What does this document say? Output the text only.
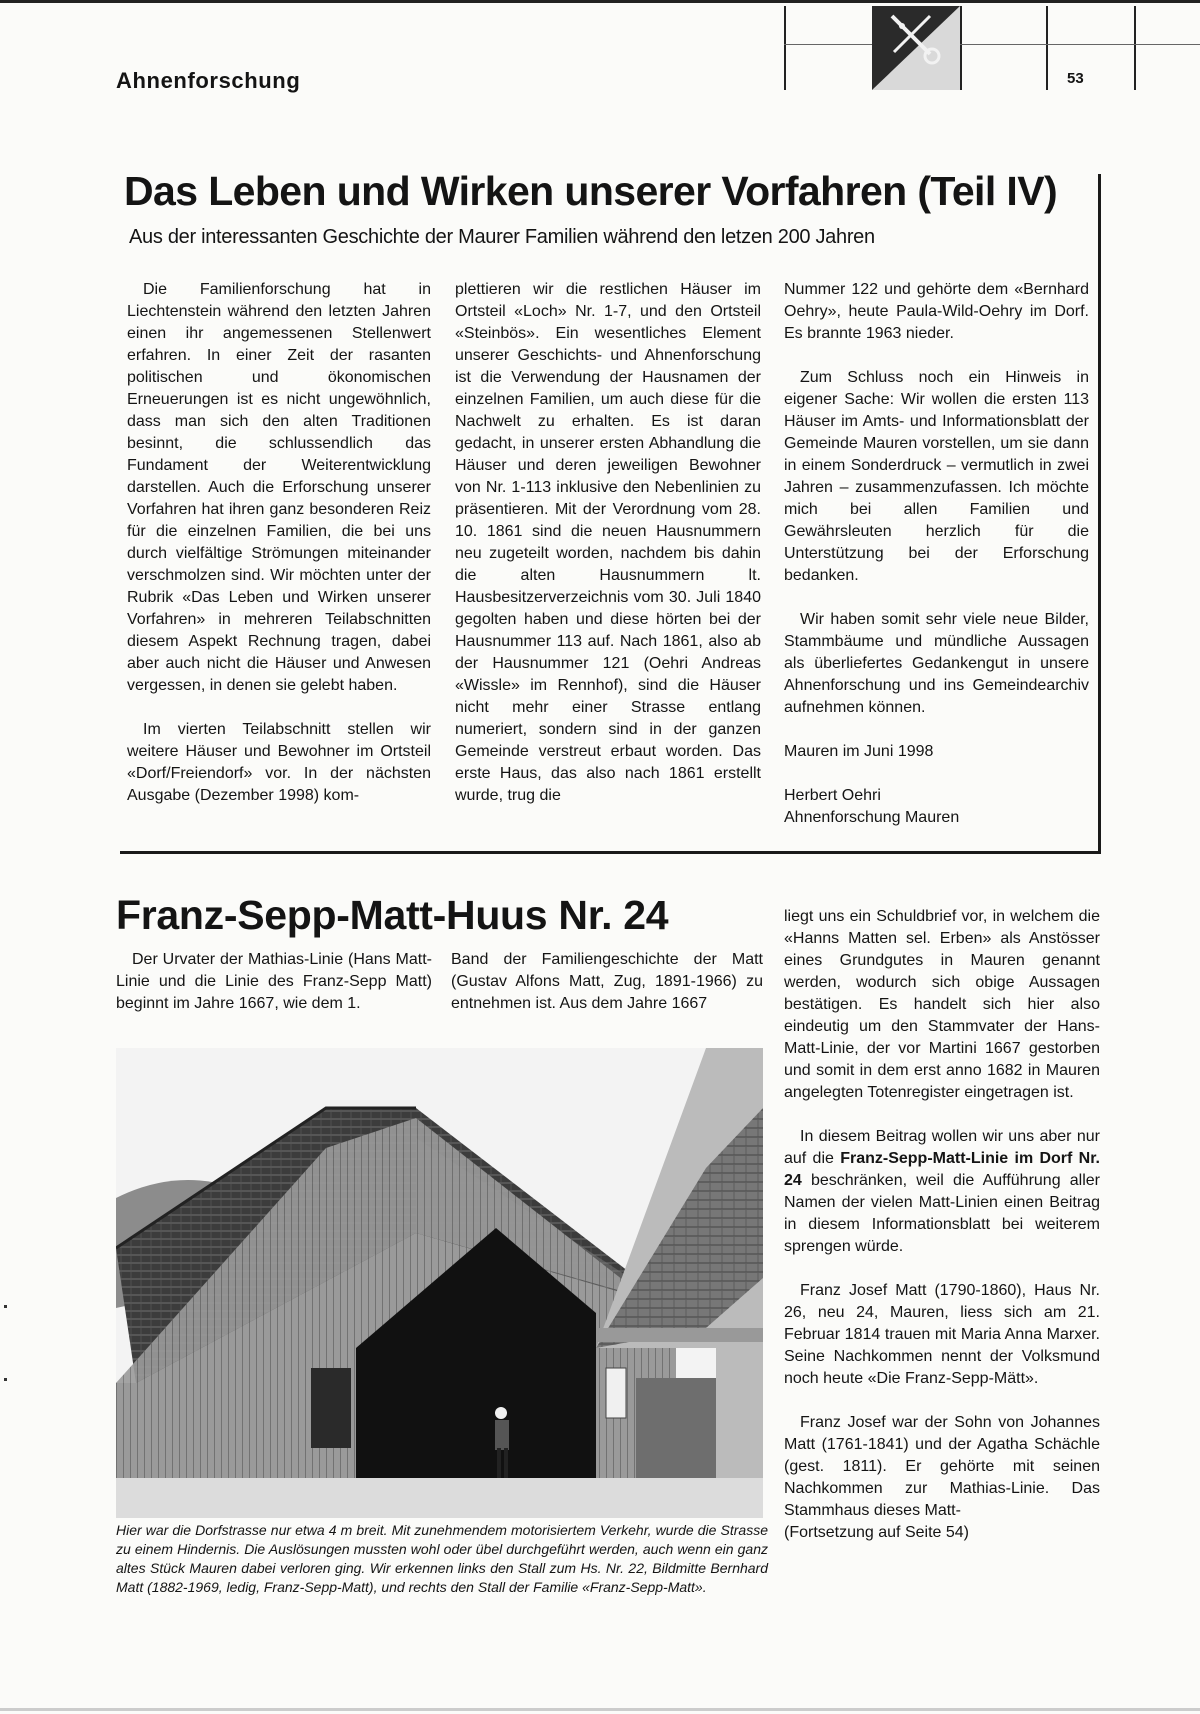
Ahnenforschung	53
Das Leben und Wirken unserer Vorfahren (Teil IV)
Aus der interessanten Geschichte der Maurer Familien während den letzen 200 Jahren

Die Familienforschung hat in Liechtenstein während den letzten Jahren einen ihr angemessenen Stellenwert erfahren. In einer Zeit der rasanten politischen und ökonomischen Erneuerungen ist es nicht ungewöhnlich, dass man sich den alten Traditionen besinnt, die schlussendlich das Fundament der Weiterentwicklung darstellen. Auch die Erforschung unserer Vorfahren hat ihren ganz besonderen Reiz für die einzelnen Familien, die bei uns durch vielfältige Strömungen miteinander verschmolzen sind. Wir möchten unter der Rubrik «Das Leben und Wirken unserer Vorfahren» in mehreren Teilabschnitten diesem Aspekt Rechnung tragen, dabei aber auch nicht die Häuser und Anwesen vergessen, in denen sie gelebt haben.

Im vierten Teilabschnitt stellen wir weitere Häuser und Bewohner im Ortsteil «Dorf/Freiendorf» vor. In der nächsten Ausgabe (Dezember 1998) kom-

plettieren wir die restlichen Häuser im Ortsteil «Loch» Nr. 1-7, und den Ortsteil «Steinbös». Ein wesentliches Element unserer Geschichts- und Ahnenforschung ist die Verwendung der Hausnamen der einzelnen Familien, um auch diese für die Nachwelt zu erhalten. Es ist daran gedacht, in unserer ersten Abhandlung die Häuser und deren jeweiligen Bewohner von Nr. 1-113 inklusive den Nebenlinien zu präsentieren. Mit der Verordnung vom 28. 10. 1861 sind die neuen Hausnummern neu zugeteilt worden, nachdem bis dahin die alten Hausnummern lt. Hausbesitzerverzeichnis vom 30. Juli 1840 gegolten haben und diese hörten bei der Hausnummer 113 auf. Nach 1861, also ab der Hausnummer 121 (Oehri Andreas «Wissle» im Rennhof), sind die Häuser nicht mehr einer Strasse entlang numeriert, sondern sind in der ganzen Gemeinde verstreut erbaut worden. Das erste Haus, das also nach 1861 erstellt wurde, trug die

Nummer 122 und gehörte dem «Bernhard Oehry», heute Paula-Wild-Oehry im Dorf. Es brannte 1963 nieder.

Zum Schluss noch ein Hinweis in eigener Sache: Wir wollen die ersten 113 Häuser im Amts- und Informationsblatt der Gemeinde Mauren vorstellen, um sie dann in einem Sonderdruck – vermutlich in zwei Jahren – zusammenzufassen. Ich möchte mich bei allen Familien und Gewährsleuten herzlich für die Unterstützung bei der Erforschung bedanken.

Wir haben somit sehr viele neue Bilder, Stammbäume und mündliche Aussagen als überliefertes Gedankengut in unsere Ahnenforschung und ins Gemeindearchiv aufnehmen können.

Mauren im Juni 1998

Herbert Oehri

Ahnenforschung Mauren

Franz-Sepp-Matt-Huus Nr. 24

Der Urvater der Mathias-Linie (Hans Matt-Linie und die Linie des Franz-Sepp Matt) beginnt im Jahre 1667, wie dem 1.

Band der Familiengeschichte der Matt (Gustav Alfons Matt, Zug, 1891-1966) zu entnehmen ist. Aus dem Jahre 1667

liegt uns ein Schuldbrief vor, in welchem die «Hanns Matten sel. Erben» als Anstösser eines Grundgutes in Mauren genannt werden, wodurch sich obige Aussagen bestätigen. Es handelt sich hier also eindeutig um den Stammvater der Hans-Matt-Linie, der vor Martini 1667 gestorben und somit in dem erst anno 1682 in Mauren angelegten Totenregister eingetragen ist.

In diesem Beitrag wollen wir uns aber nur auf die Franz-Sepp-Matt-Linie im Dorf Nr. 24 beschränken, weil die Aufführung aller Namen der vielen Matt-Linien einen Beitrag in diesem Informationsblatt bei weiterem sprengen würde.

Franz Josef Matt (1790-1860), Haus Nr. 26, neu 24, Mauren, liess sich am 21. Februar 1814 trauen mit Maria Anna Marxer. Seine Nachkommen nennt der Volksmund noch heute «Die Franz-Sepp-Mätt».

Franz Josef war der Sohn von Johannes Matt (1761-1841) und der Agatha Schächle (gest. 1811). Er gehörte mit seinen Nachkommen zur Mathias-Linie. Das Stammhaus dieses Matt-

(Fortsetzung auf Seite 54)

Hier war die Dorfstrasse nur etwa 4 m breit. Mit zunehmendem motorisiertem Verkehr, wurde die Strasse zu einem Hindernis. Die Auslösungen mussten wohl oder übel durchgeführt werden, auch wenn ein ganz altes Stück Mauren dabei verloren ging. Wir erkennen links den Stall zum Hs. Nr. 22, Bildmitte Bernhard Matt (1882-1969, ledig, Franz-Sepp-Matt), und rechts den Stall der Familie «Franz-Sepp-Matt».
